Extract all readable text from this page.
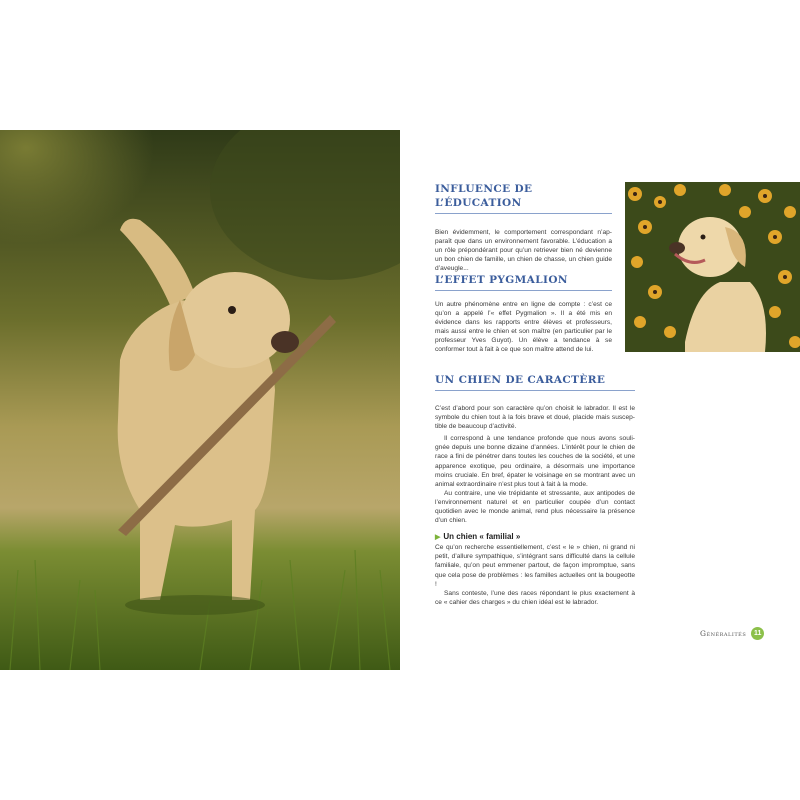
INFLUENCE DE L’ÉDUCATION

Bien évidemment, le comportement correspondant n’apparaît que dans un environnement favorable. L’éducation a un rôle prépondérant pour qu’un retriever bien né devienne un bon chien de famille, un chien de chasse, un chien guide d’aveugle...

L’EFFET PYGMALION

Un autre phénomène entre en ligne de compte : c’est ce qu’on a appelé l’« effet Pygmalion ». Il a été mis en évidence dans les rapports entre élèves et professeurs, mais aussi entre le chien et son maître (en particulier par le professeur Yves Guyot). Un élève a tendance à se conformer tout à fait à ce que son maître attend de lui.

UN CHIEN DE CARACTÈRE

C’est d’abord pour son caractère qu’on choisit le labrador. Il est le symbole du chien tout à la fois brave et doué, placide mais susceptible de beaucoup d’activité.

Il correspond à une tendance profonde que nous avons soulignée depuis une bonne dizaine d’années. L’intérêt pour le chien de race a fini de pénétrer dans toutes les couches de la société, et une apparence exotique, peu ordinaire, a désormais une importance moins cruciale. En bref, épater le voisinage en se montrant avec un animal extraordinaire n’est plus tout à fait à la mode.

Au contraire, une vie trépidante et stressante, aux antipodes de l’environnement naturel et en particulier coupée d’un contact quotidien avec le monde animal, rend plus nécessaire la présence d’un chien.

▶ Un chien « familial »

Ce qu’on recherche essentiellement, c’est « le » chien, ni grand ni petit, d’allure sympathique, s’intégrant sans difficulté dans la cellule familiale, qu’on peut emmener partout, de façon impromptue, sans que cela pose de problèmes : les familles actuelles ont la bougeotte !

Sans conteste, l’une des races répondant le plus exactement à ce « cahier des charges » du chien idéal est le labrador.

Généralités	11
